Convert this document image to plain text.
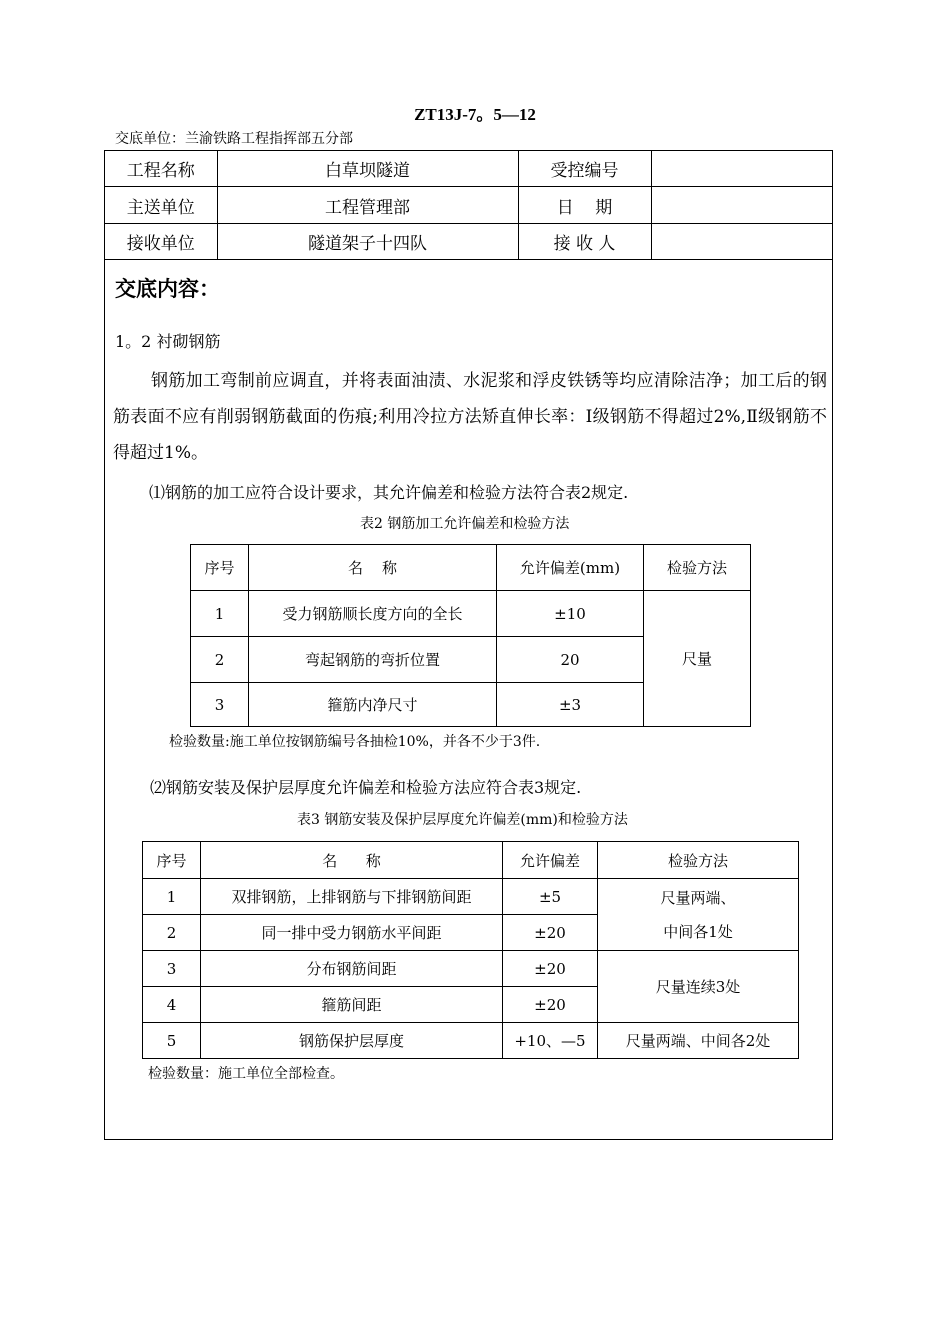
ZT13J-7。5—12
交底单位：兰渝铁路工程指挥部五分部
工程名称	白草坝隧道	受控编号	
主送单位	工程管理部	日    期	
接收单位	隧道架子十四队	接 收 人	
交底内容：
1。2 衬砌钢筋
钢筋加工弯制前应调直，并将表面油渍、水泥浆和浮皮铁锈等均应清除洁净；加工后的钢筋表面不应有削弱钢筋截面的伤痕;利用冷拉方法矫直伸长率：Ⅰ级钢筋不得超过2%,Ⅱ级钢筋不得超过1%。
⑴钢筋的加工应符合设计要求，其允许偏差和检验方法符合表2规定.
表2 钢筋加工允许偏差和检验方法
序号	名    称	允许偏差(mm)	检验方法
1	受力钢筋顺长度方向的全长	±10	尺量
2	弯起钢筋的弯折位置	20	
3	箍筋内净尺寸	±3	
检验数量:施工单位按钢筋编号各抽检10%，并各不少于3件.
⑵钢筋安装及保护层厚度允许偏差和检验方法应符合表3规定.
表3 钢筋安装及保护层厚度允许偏差(mm)和检验方法
序号	名      称	允许偏差	检验方法
1	双排钢筋，上排钢筋与下排钢筋间距	±5	尺量两端、
中间各1处

2	同一排中受力钢筋水平间距	±20	
3	分布钢筋间距	±20	尺量连续3处
4	箍筋间距	±20	
5	钢筋保护层厚度	+10、—5	尺量两端、中间各2处
检验数量：施工单位全部检查。
